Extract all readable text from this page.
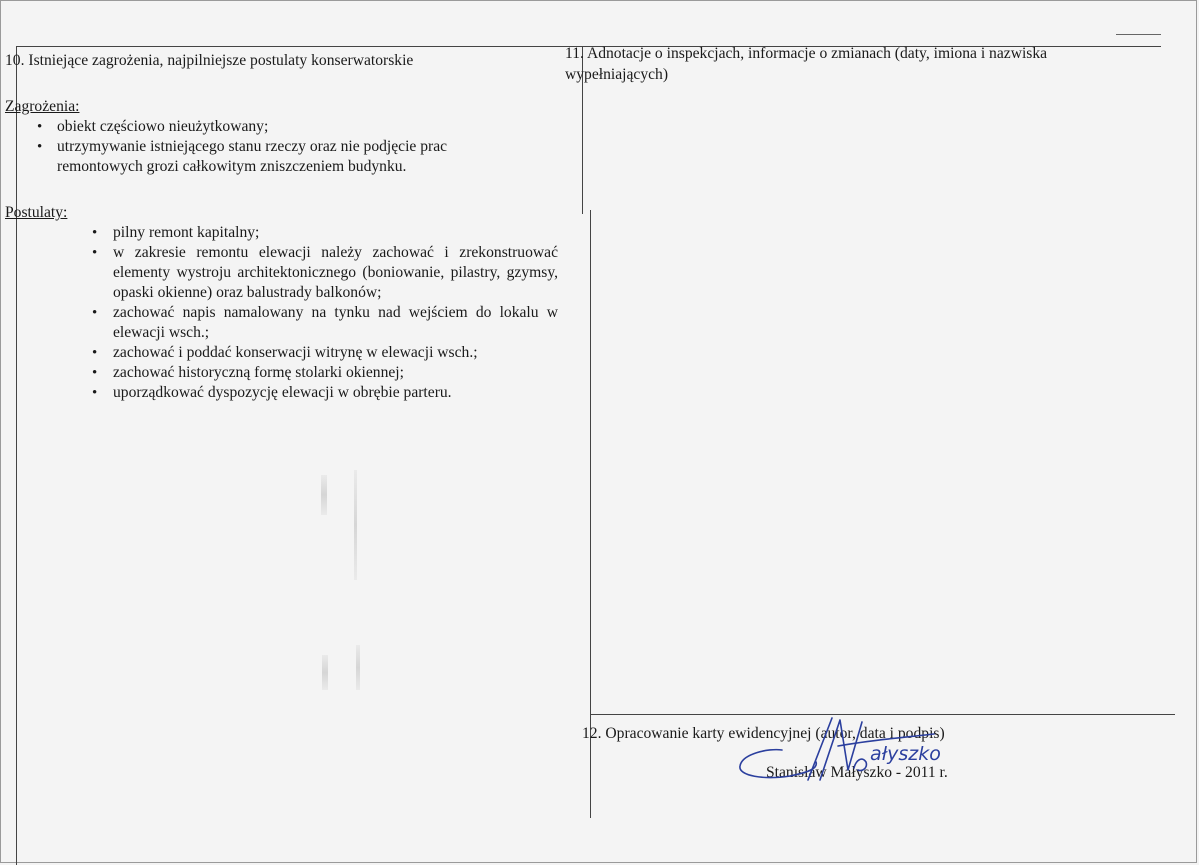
10. Istniejące zagrożenia, najpilniejsze postulaty konserwatorskie

Zagrożenia:

• obiekt częściowo nieużytkowany;
• utrzymywanie istniejącego stanu rzeczy oraz nie podjęcie prac remontowych grozi całkowitym zniszczeniem budynku.

Postulaty:

• pilny remont kapitalny;
• w zakresie remontu elewacji należy zachować i zrekonstruować elementy wystroju architektonicznego (boniowanie, pilastry, gzymsy, opaski okienne) oraz balustrady balkonów;
• zachować napis namalowany na tynku nad wejściem do lokalu w elewacji wsch.;
• zachować i poddać konserwacji witrynę w elewacji wsch.;
• zachować historyczną formę stolarki okiennej;
• uporządkować dyspozycję elewacji w obrębie parteru.

11. Adnotacje o inspekcjach, informacje o zmianach (daty, imiona i nazwiska wypełniających)

12. Opracowanie karty ewidencyjnej (autor, data i podpis)

Stanisław Małyszko - 2011 r.
ałyszko
